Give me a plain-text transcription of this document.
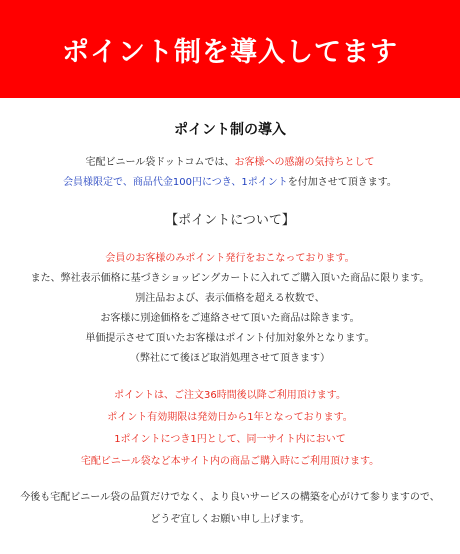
ポイント制を導入してます
ポイント制の導入
宅配ビニール袋ドットコムでは、お客様への感謝の気持ちとして
会員様限定で、商品代金100円につき、1ポイントを付加させて頂きます。
【ポイントについて】
会員のお客様のみポイント発行をおこなっております。
また、弊社表示価格に基づきショッピングカートに入れてご購入頂いた商品に限ります。
別注品および、表示価格を超える枚数で、
お客様に別途価格をご連絡させて頂いた商品は除きます。
単価提示させて頂いたお客様はポイント付加対象外となります。
（弊社にて後ほど取消処理させて頂きます）
ポイントは、ご注文36時間後以降ご利用頂けます。
ポイント有効期限は発効日から1年となっております。
1ポイントにつき1円として、同一サイト内において
宅配ビニール袋など本サイト内の商品ご購入時にご利用頂けます。
今後も宅配ビニール袋の品質だけでなく、より良いサービスの構築を心がけて参りますので、
どうぞ宜しくお願い申し上げます。
